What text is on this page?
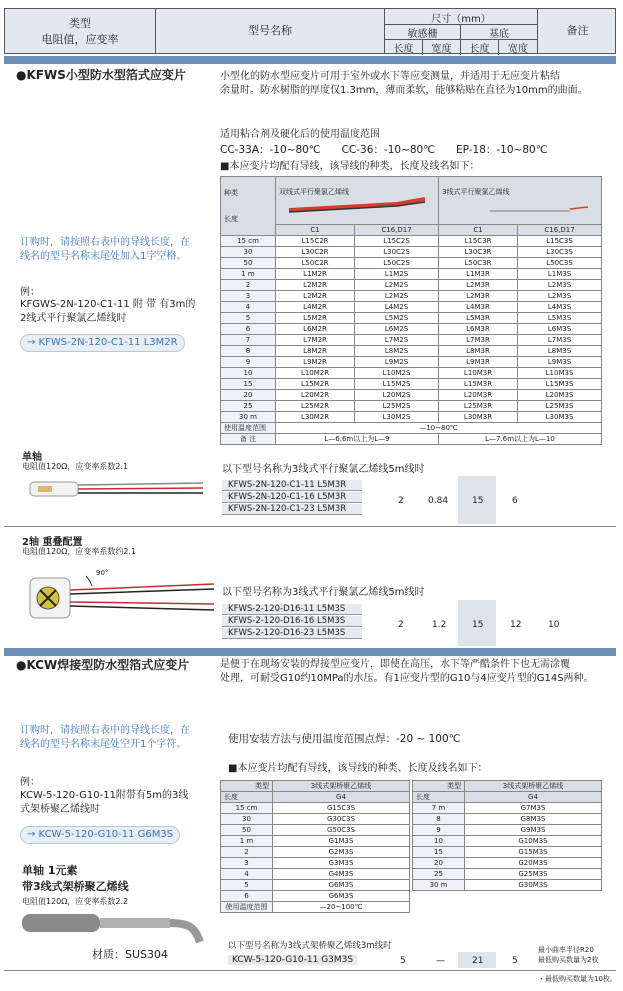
类型
电阻值，应变率
型号名称
尺寸（mm）
敏感栅	基底
长度	宽度	长度	宽度
备注
●KFWS小型防水型箔式应变片	小型化的防水型应变片可用于室外或水下等应变测量，并适用于无应变片粘结
余量时。防水树脂的厚度仅1.3mm，薄而柔软，能够粘贴在直径为10mm的曲面。
适用粘合剂及硬化后的使用温度范围
CC-33A：-10~80℃　　CC-36：-10~80℃　　EP-18：-10~80℃
■本应变片均配有导线，该导线的种类，长度及线名如下：
订购时，请按照右表中的导线长度，在
线名的型号名称末尾处加入1字空格。
例：
KFGWS-2N-120-C1-11 附 带 有3m的
2线式平行聚氯乙烯线时
→ KFWS-2N-120-C1-11 L3M2R
种类

长度	双线式平行聚氯乙烯线		3线式平行聚氯乙烯线	

	C1	C16,D17	C1	C16,D17
15 cm	L15C2R	L15C2S	L15C3R	L15C3S
30	L30C2R	L30C2S	L30C3R	L30C3S
50	L50C2R	L50C2S	L50C3R	L50C3S
1 m	L1M2R	L1M2S	L1M3R	L1M3S
2	L2M2R	L2M2S	L2M3R	L2M3S
3	L2M2R	L2M2S	L2M3R	L2M3S
4	L4M2R	L4M2S	L4M3R	L4M3S
5	L5M2R	L5M2S	L5M3R	L5M3S
6	L6M2R	L6M2S	L6M3R	L6M3S
7	L7M2R	L7M2S	L7M3R	L7M3S
8	L8M2R	L8M2S	L8M3R	L8M3S
9	L9M2R	L9M2S	L9M3R	L9M3S
10	L10M2R	L10M2S	L10M3R	L10M3S
15	L15M2R	L15M2S	L15M3R	L15M3S
20	L20M2R	L20M2S	L20M3R	L20M3S
25	L25M2R	L25M2S	L25M3R	L25M3S
30 m	L30M2R	L30M2S	L30M3R	L30M3S
使用温度范围	—10~80℃			
备 注	L—6.6m以上为L—9		L—7.6m以上为L—10	
单轴
电阻值120Ω，应变率系数2.1	以下型号名称为3线式平行聚氯乙烯线5m线时
KFWS-2N-120-C1-11 L5M3R
KFWS-2N-120-C1-16 L5M3R
KFWS-2N-120-C1-23 L5M3R
2	0.84	15	6
2轴 重叠配置
电阻值120Ω，应变率系数约2.1
90°
以下型号名称为3线式平行聚氯乙烯线5m线时
KFWS-2-120-D16-11 L5M3S
KFWS-2-120-D16-16 L5M3S
KFWS-2-120-D16-23 L5M3S
2	1.2	15	12	10
●KCW焊接型防水型箔式应变片	是便于在现场安装的焊接型应变片，即使在高压，水下等严酷条件下也无需涂覆
处理，可耐受G10约10MPa的水压。有1应变片型的G10与4应变片型的G14S两种。
订购时，请按照右表中的导线长度，在
线名的型号名称末尾处空开1个字符。	使用安装方法与使用温度范围点焊：-20 ~ 100℃
■本应变片均配有导线，该导线的种类、长度及线名如下：
例：
KCW-5-120-G10-11附带有5m的3线
式架桥聚乙烯线时
→ KCW-5-120-G10-11 G6M3S
单轴 1元素
带3线式架桥聚乙烯线
电阻值120Ω，应变率系数2.2
材质：SUS304
类型	3线式架桥聚乙烯线
长度	G4
15 cm	G15C3S
30	G30C3S
50	G50C3S
1 m	G1M3S
2	G2M3S
3	G3M3S
4	G4M3S
5	G6M3S
6	G6M3S
使用温度范围	—20~100℃
类型	3线式架桥聚乙烯线
长度	G4
7 m	G7M3S
8	G8M3S
9	G9M3S
10	G10M3S
15	G15M3S
20	G20M3S
25	G25M3S
30 m	G30M3S
以下型号名称为3线式架桥聚乙烯线3m线时
KCW-5-120-G10-11 G3M3S	5	—	21	5
最小曲率半径R20
最低购买数量为2枚
・最低购买数量为10枚。
